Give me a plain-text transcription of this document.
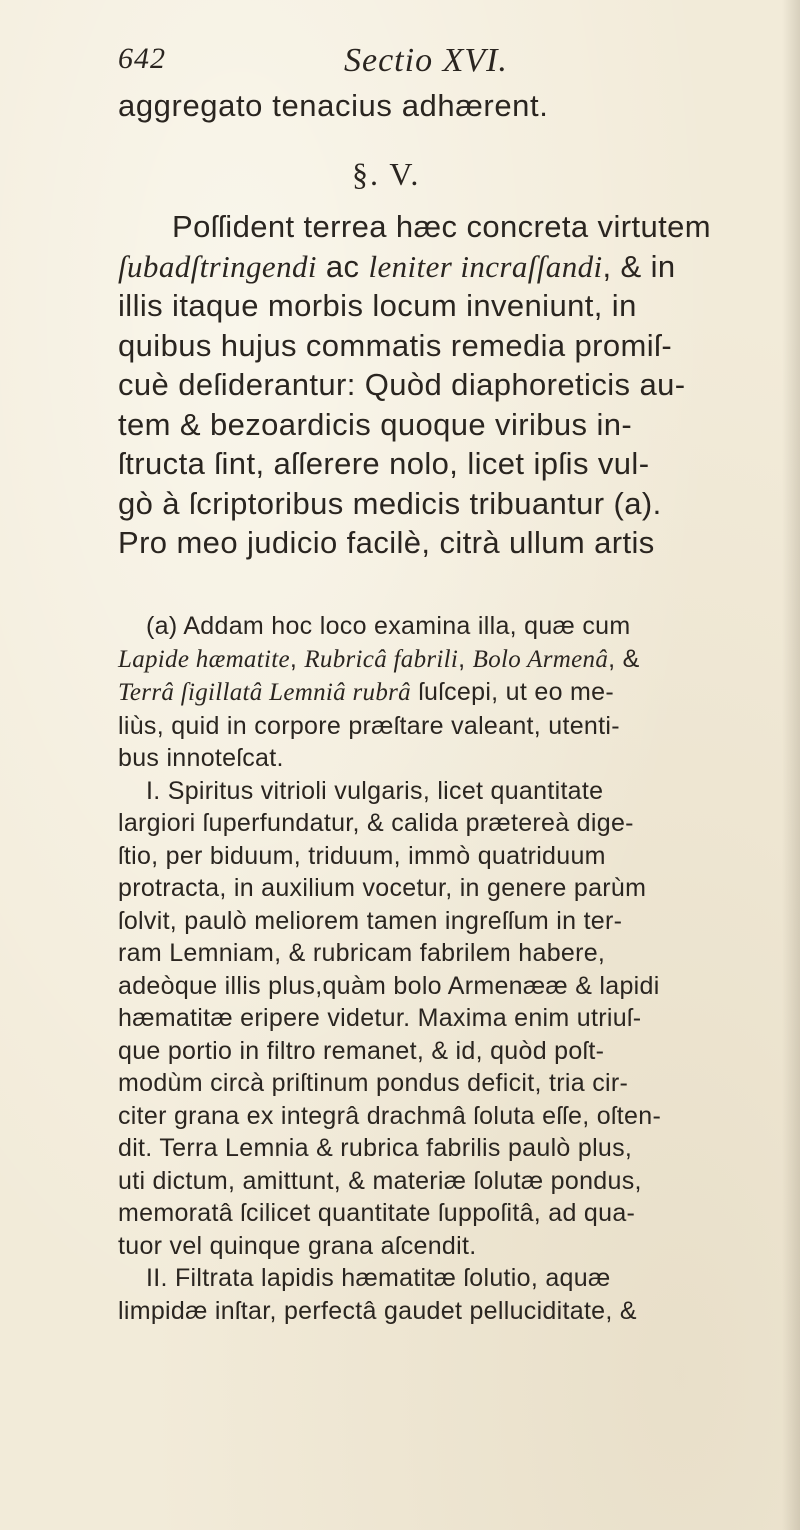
642	Sectio XVI.
aggregato tenacius adhærent.
§. V.
Poſſident terrea hæc concreta virtutem
ſubadſtringendi ac leniter incraſſandi, & in
illis itaque morbis locum inveniunt, in
quibus hujus commatis remedia promiſ-
cuè deſiderantur: Quòd diaphoreticis au-
tem & bezoardicis quoque viribus in-
ſtructa ſint, aſſerere nolo, licet ipſis vul-
gò à ſcriptoribus medicis tribuantur (a).
Pro meo judicio facilè, citrà ullum artis
(a) Addam hoc loco examina illa, quæ cum
Lapide hæmatite, Rubricâ fabrili, Bolo Armenâ, &
Terrâ ſigillatâ Lemniâ rubrâ ſuſcepi, ut eo me-
liùs, quid in corpore præſtare valeant, utenti-
bus innoteſcat.
I. Spiritus vitrioli vulgaris, licet quantitate
largiori ſuperfundatur, & calida prætereà dige-
ſtio, per biduum, triduum, immò quatriduum
protracta, in auxilium vocetur, in genere parùm
ſolvit, paulò meliorem tamen ingreſſum in ter-
ram Lemniam, & rubricam fabrilem habere,
adeòque illis plus,quàm bolo Armenææ & lapidi
hæmatitæ eripere videtur. Maxima enim utriuſ-
que portio in filtro remanet, & id, quòd poſt-
modùm circà priſtinum pondus deficit, tria cir-
citer grana ex integrâ drachmâ ſoluta eſſe, oſten-
dit. Terra Lemnia & rubrica fabrilis paulò plus,
uti dictum, amittunt, & materiæ ſolutæ pondus,
memoratâ ſcilicet quantitate ſuppoſitâ, ad qua-
tuor vel quinque grana aſcendit.
II. Filtrata lapidis hæmatitæ ſolutio, aquæ
limpidæ inſtar, perfectâ gaudet pelluciditate, &
